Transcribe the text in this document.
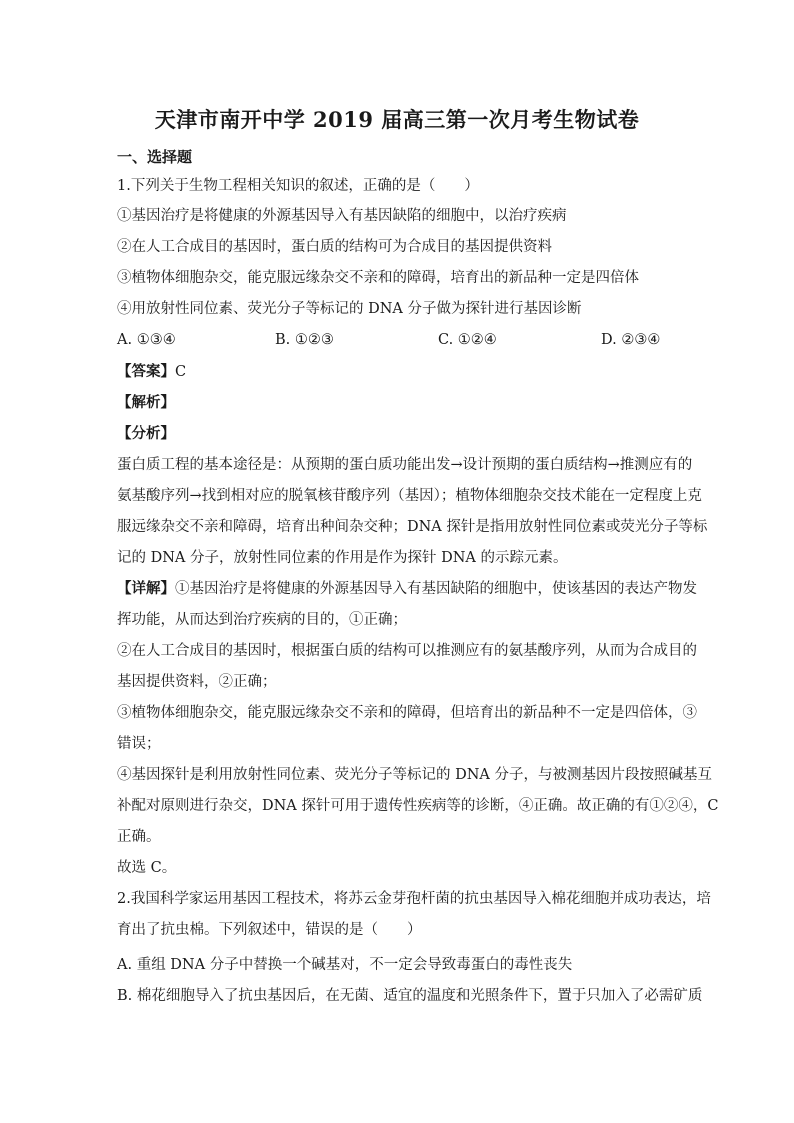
天津市南开中学 2019 届高三第一次月考生物试卷
一、选择题
1.下列关于生物工程相关知识的叙述，正确的是（　　）
①基因治疗是将健康的外源基因导入有基因缺陷的细胞中，以治疗疾病
②在人工合成目的基因时，蛋白质的结构可为合成目的基因提供资料
③植物体细胞杂交，能克服远缘杂交不亲和的障碍，培育出的新品种一定是四倍体
④用放射性同位素、荧光分子等标记的 DNA 分子做为探针进行基因诊断
A. ①③④	B. ①②③	C. ①②④	D. ②③④
【答案】C
【解析】
【分析】
蛋白质工程的基本途径是：从预期的蛋白质功能出发→设计预期的蛋白质结构→推测应有的
氨基酸序列→找到相对应的脱氧核苷酸序列（基因）；植物体细胞杂交技术能在一定程度上克
服远缘杂交不亲和障碍，培育出种间杂交种；DNA 探针是指用放射性同位素或荧光分子等标
记的 DNA 分子，放射性同位素的作用是作为探针 DNA 的示踪元素。
【详解】①基因治疗是将健康的外源基因导入有基因缺陷的细胞中，使该基因的表达产物发
挥功能，从而达到治疗疾病的目的，①正确；
②在人工合成目的基因时，根据蛋白质的结构可以推测应有的氨基酸序列，从而为合成目的
基因提供资料，②正确；
③植物体细胞杂交，能克服远缘杂交不亲和的障碍，但培育出的新品种不一定是四倍体，③
错误；
④基因探针是利用放射性同位素、荧光分子等标记的 DNA 分子，与被测基因片段按照碱基互
补配对原则进行杂交，DNA 探针可用于遗传性疾病等的诊断，④正确。故正确的有①②④，C
正确。
故选 C。
2.我国科学家运用基因工程技术，将苏云金芽孢杆菌的抗虫基因导入棉花细胞并成功表达，培
育出了抗虫棉。下列叙述中，错误的是（　　）
A. 重组 DNA 分子中替换一个碱基对，不一定会导致毒蛋白的毒性丧失
B. 棉花细胞导入了抗虫基因后，在无菌、适宜的温度和光照条件下，置于只加入了必需矿质
